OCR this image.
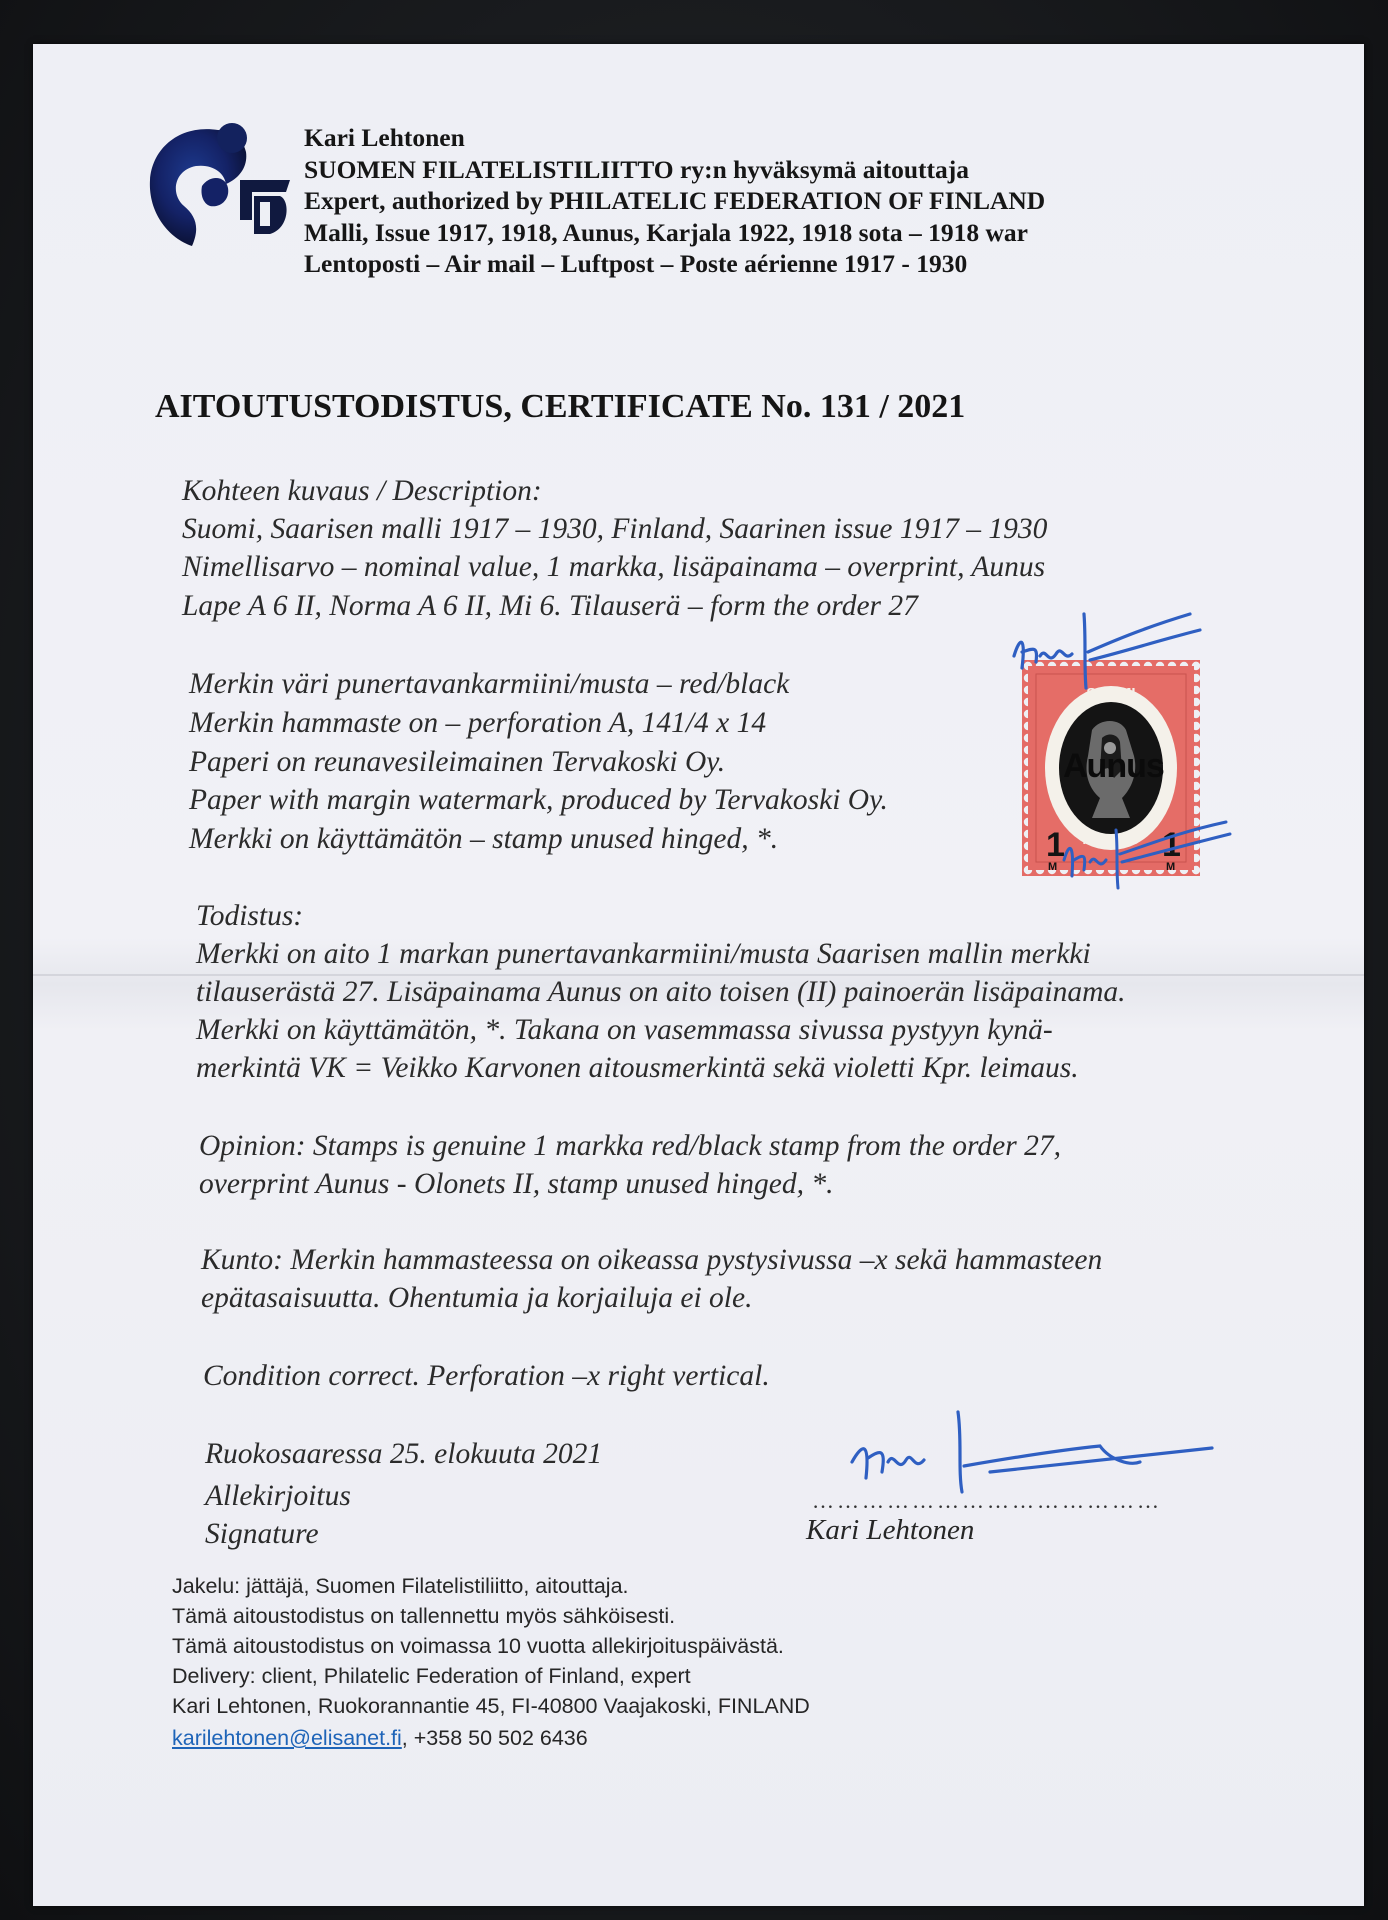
Kari Lehtonen
SUOMEN FILATELISTILIITTO ry:n hyväksymä aitouttaja
Expert, authorized by PHILATELIC FEDERATION OF FINLAND
Malli, Issue 1917, 1918, Aunus, Karjala 1922, 1918 sota – 1918 war
Lentoposti – Air mail – Luftpost – Poste aérienne 1917 - 1930
AITOUTUSTODISTUS, CERTIFICATE No. 131 / 2021
Kohteen kuvaus / Description:
Suomi, Saarisen malli 1917 – 1930, Finland, Saarinen issue 1917 – 1930
Nimellisarvo – nominal value, 1 markka, lisäpainama – overprint, Aunus
Lape A 6 II, Norma A 6 II, Mi 6. Tilauserä – form the order 27
Merkin väri punertavankarmiini/musta – red/black
Merkin hammaste on – perforation A, 141/4 x 14
Paperi on reunavesileimainen Tervakoski Oy.
Paper with margin watermark, produced by Tervakoski Oy.
Merkki on käyttämätön – stamp unused hinged, *.
SUOMI
FINLAND
1	1
M	M
Aunus
Todistus:
Merkki on aito 1 markan punertavankarmiini/musta Saarisen mallin merkki
tilauserästä 27. Lisäpainama Aunus on aito toisen (II) painoerän lisäpainama.
Merkki on käyttämätön, *. Takana on vasemmassa sivussa pystyyn kynä-
merkintä VK = Veikko Karvonen aitousmerkintä sekä violetti Kpr. leimaus.
Opinion: Stamps is genuine 1 markka red/black stamp from the order 27,
overprint Aunus - Olonets II, stamp unused hinged, *.
Kunto: Merkin hammasteessa on oikeassa pystysivussa –x sekä hammasteen
epätasaisuutta. Ohentumia ja korjailuja ei ole.
Condition correct. Perforation –x right vertical.
Ruokosaaressa 25. elokuuta 2021
Allekirjoitus
Signature
……………………………………
Kari Lehtonen
Jakelu: jättäjä, Suomen Filatelistiliitto, aitouttaja.
Tämä aitoustodistus on tallennettu myös sähköisesti.
Tämä aitoustodistus on voimassa 10 vuotta allekirjoituspäivästä.
Delivery: client, Philatelic Federation of Finland, expert
Kari Lehtonen, Ruokorannantie 45, FI-40800 Vaajakoski, FINLAND
karilehtonen@elisanet.fi, +358 50 502 6436
